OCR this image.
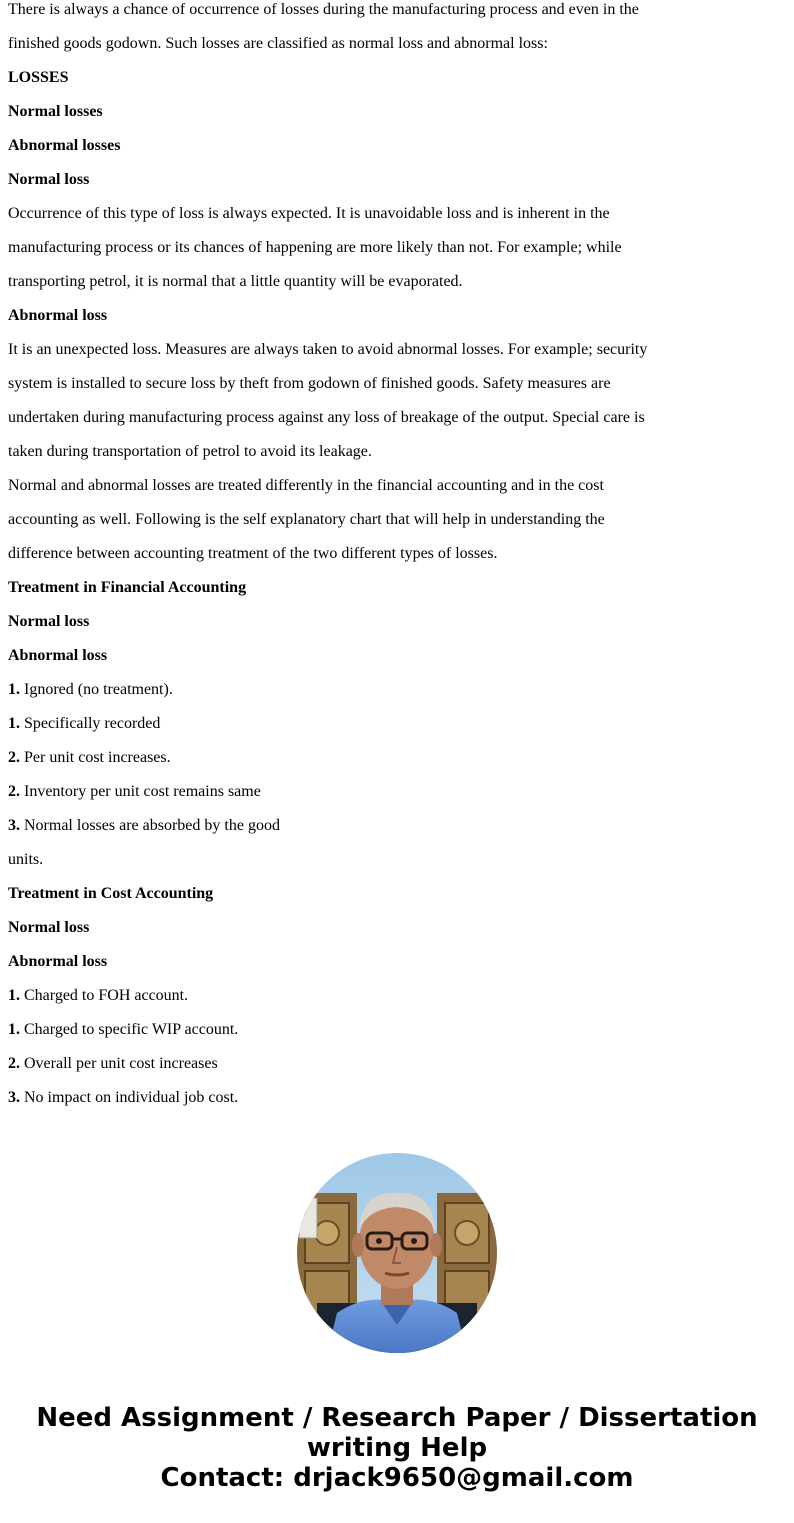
There is always a chance of occurrence of losses during the manufacturing process and even in the
finished goods godown. Such losses are classified as normal loss and abnormal loss:
LOSSES
Normal losses
Abnormal losses
Normal loss
Occurrence of this type of loss is always expected. It is unavoidable loss and is inherent in the
manufacturing process or its chances of happening are more likely than not. For example; while
transporting petrol, it is normal that a little quantity will be evaporated.
Abnormal loss
It is an unexpected loss. Measures are always taken to avoid abnormal losses. For example; security
system is installed to secure loss by theft from godown of finished goods. Safety measures are
undertaken during manufacturing process against any loss of breakage of the output. Special care is
taken during transportation of petrol to avoid its leakage.
Normal and abnormal losses are treated differently in the financial accounting and in the cost
accounting as well. Following is the self explanatory chart that will help in understanding the
difference between accounting treatment of the two different types of losses.
Treatment in Financial Accounting
Normal loss
Abnormal loss
1. Ignored (no treatment).
1. Specifically recorded
2. Per unit cost increases.
2. Inventory per unit cost remains same
3. Normal losses are absorbed by the good
units.
Treatment in Cost Accounting
Normal loss
Abnormal loss
1. Charged to FOH account.
1. Charged to specific WIP account.
2. Overall per unit cost increases
3. No impact on individual job cost.
Need Assignment / Research Paper / Dissertation
writing Help
Contact: drjack9650@gmail.com
